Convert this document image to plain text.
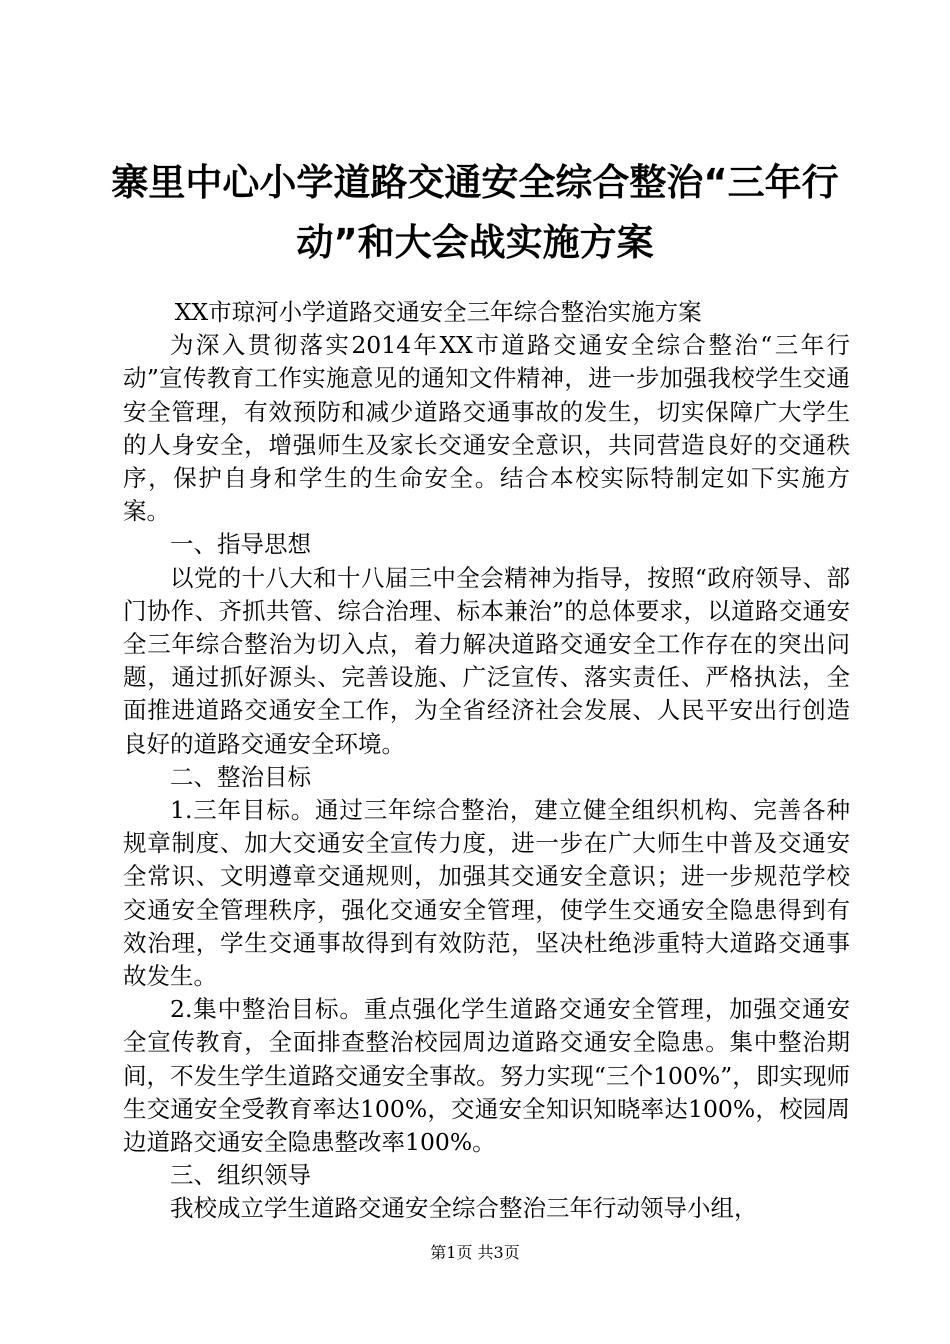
寨里中心小学道路交通安全综合整治“三年行
动”和大会战实施方案

XX市琼河小学道路交通安全三年综合整治实施方案

为深入贯彻落实2014年XX市道路交通安全综合整治“三年行动”宣传教育工作实施意见的通知文件精神，进一步加强我校学生交通安全管理，有效预防和减少道路交通事故的发生，切实保障广大学生的人身安全，增强师生及家长交通安全意识，共同营造良好的交通秩序，保护自身和学生的生命安全。结合本校实际特制定如下实施方案。

一、指导思想

以党的十八大和十八届三中全会精神为指导，按照“政府领导、部门协作、齐抓共管、综合治理、标本兼治”的总体要求，以道路交通安全三年综合整治为切入点，着力解决道路交通安全工作存在的突出问题，通过抓好源头、完善设施、广泛宣传、落实责任、严格执法，全面推进道路交通安全工作，为全省经济社会发展、人民平安出行创造良好的道路交通安全环境。

二、整治目标

1.三年目标。通过三年综合整治，建立健全组织机构、完善各种规章制度、加大交通安全宣传力度，进一步在广大师生中普及交通安全常识、文明遵章交通规则，加强其交通安全意识；进一步规范学校交通安全管理秩序，强化交通安全管理，使学生交通安全隐患得到有效治理，学生交通事故得到有效防范，坚决杜绝涉重特大道路交通事故发生。

2.集中整治目标。重点强化学生道路交通安全管理，加强交通安全宣传教育，全面排查整治校园周边道路交通安全隐患。集中整治期间，不发生学生道路交通安全事故。努力实现“三个100%”，即实现师生交通安全受教育率达100%，交通安全知识知晓率达100%，校园周边道路交通安全隐患整改率100%。

三、组织领导

我校成立学生道路交通安全综合整治三年行动领导小组，

第1页 共3页
